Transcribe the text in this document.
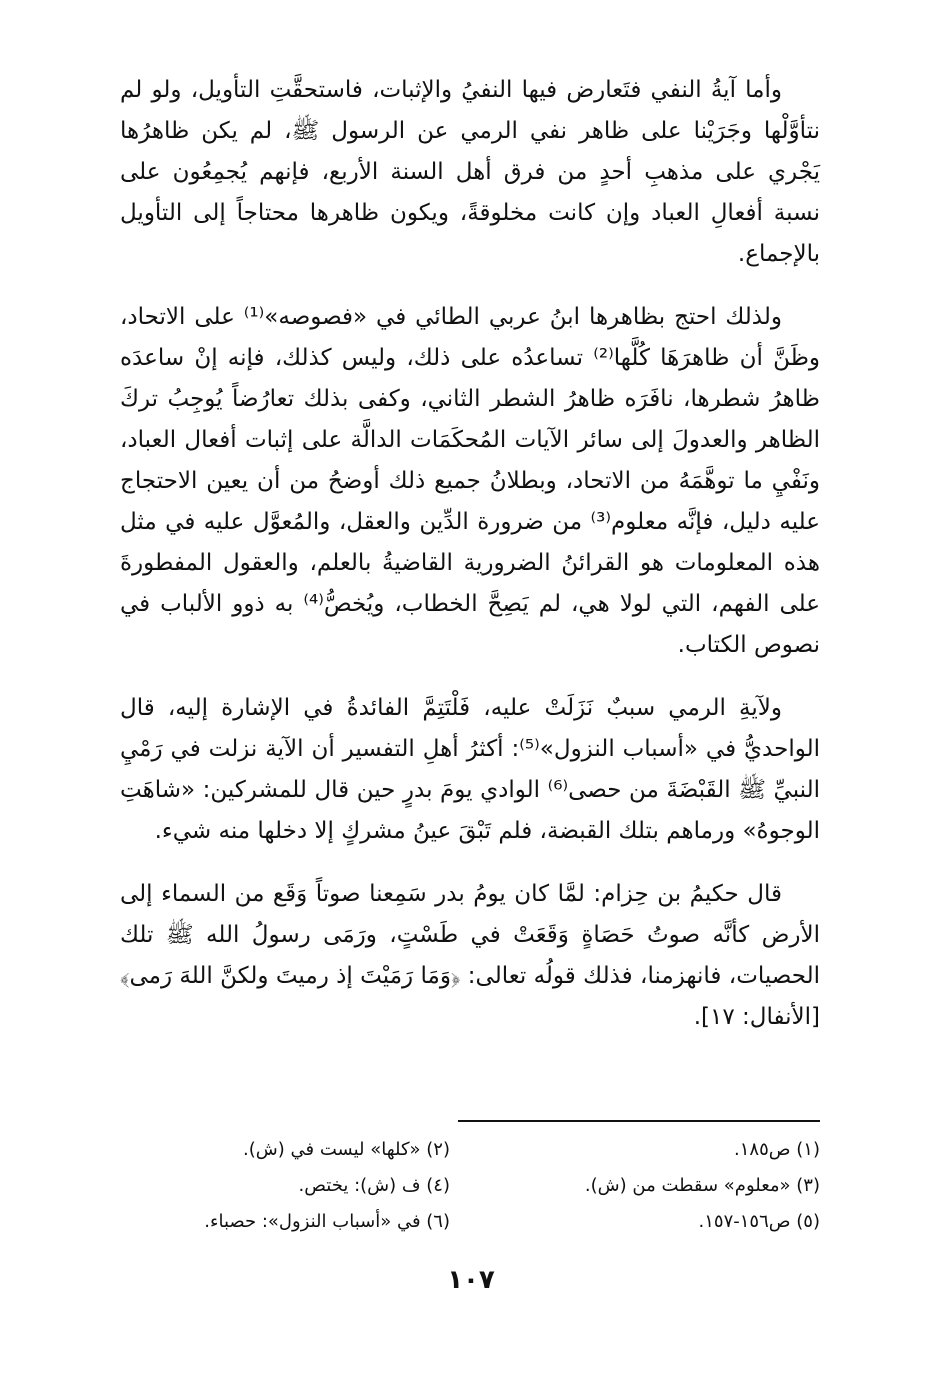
وأما آيةُ النفي فتَعارض فيها النفيُ والإثبات، فاستحقَّتِ التأويل، ولو لم نتأوَّلْها وجَرَيْنا على ظاهر نفي الرمي عن الرسول ﷺ، لم يكن ظاهرُها يَجْري على مذهبِ أحدٍ من فرق أهل السنة الأربع، فإنهم يُجمِعُون على نسبة أفعالِ العباد وإن كانت مخلوقةً، ويكون ظاهرها محتاجاً إلى التأويل بالإجماع.

ولذلك احتج بظاهرها ابنُ عربي الطائي في «فصوصه»⁽¹⁾ على الاتحاد، وظَنَّ أن ظاهرَهَا كُلَّها⁽²⁾ تساعدُه على ذلك، وليس كذلك، فإنه إنْ ساعدَه ظاهرُ شطرها، نافَرَه ظاهرُ الشطر الثاني، وكفى بذلك تعارُضاً يُوجِبُ تركَ الظاهر والعدولَ إلى سائر الآيات المُحكَمَات الدالَّة على إثبات أفعال العباد، ونَفْيِ ما توهَّمَهُ من الاتحاد، وبطلانُ جميع ذلك أوضحُ من أن يعين الاحتجاج عليه دليل، فإنَّه معلوم⁽³⁾ من ضرورة الدِّين والعقل، والمُعوَّل عليه في مثل هذه المعلومات هو القرائنُ الضرورية القاضيةُ بالعلم، والعقول المفطورةَ على الفهم، التي لولا هي، لم يَصِحَّ الخطاب، ويُخصُّ⁽⁴⁾ به ذوو الألباب في نصوص الكتاب.

ولآيةِ الرمي سببٌ نَزَلَتْ عليه، فَلْتَتِمَّ الفائدةُ في الإشارة إليه، قال الواحديُّ في «أسباب النزول»⁽⁵⁾: أكثرُ أهلِ التفسير أن الآية نزلت في رَمْيِ النبيِّ ﷺ القَبْضَةَ من حصى⁽⁶⁾ الوادي يومَ بدرٍ حين قال للمشركين: «شاهَتِ الوجوهُ» ورماهم بتلك القبضة، فلم تَبْقَ عينُ مشركٍ إلا دخلها منه شيء.

قال حكيمُ بن حِزام: لمَّا كان يومُ بدر سَمِعنا صوتاً وَقَع من السماء إلى الأرض كأنَّه صوتُ حَصَاةٍ وَقَعَتْ في طَسْتٍ، ورَمَى رسولُ الله ﷺ تلك الحصيات، فانهزمنا، فذلك قولُه تعالى: ﴿وَمَا رَمَيْتَ إذ رميتَ ولكنَّ اللهَ رَمى﴾ [الأنفال: ١٧].

(١) ص١٨٥.
(٢) «كلها» ليست في (ش).
(٣) «معلوم» سقطت من (ش).
(٤) ف (ش): يختص.
(٥) ص١٥٦-١٥٧.
(٦) في «أسباب النزول»: حصباء.
١٠٧
